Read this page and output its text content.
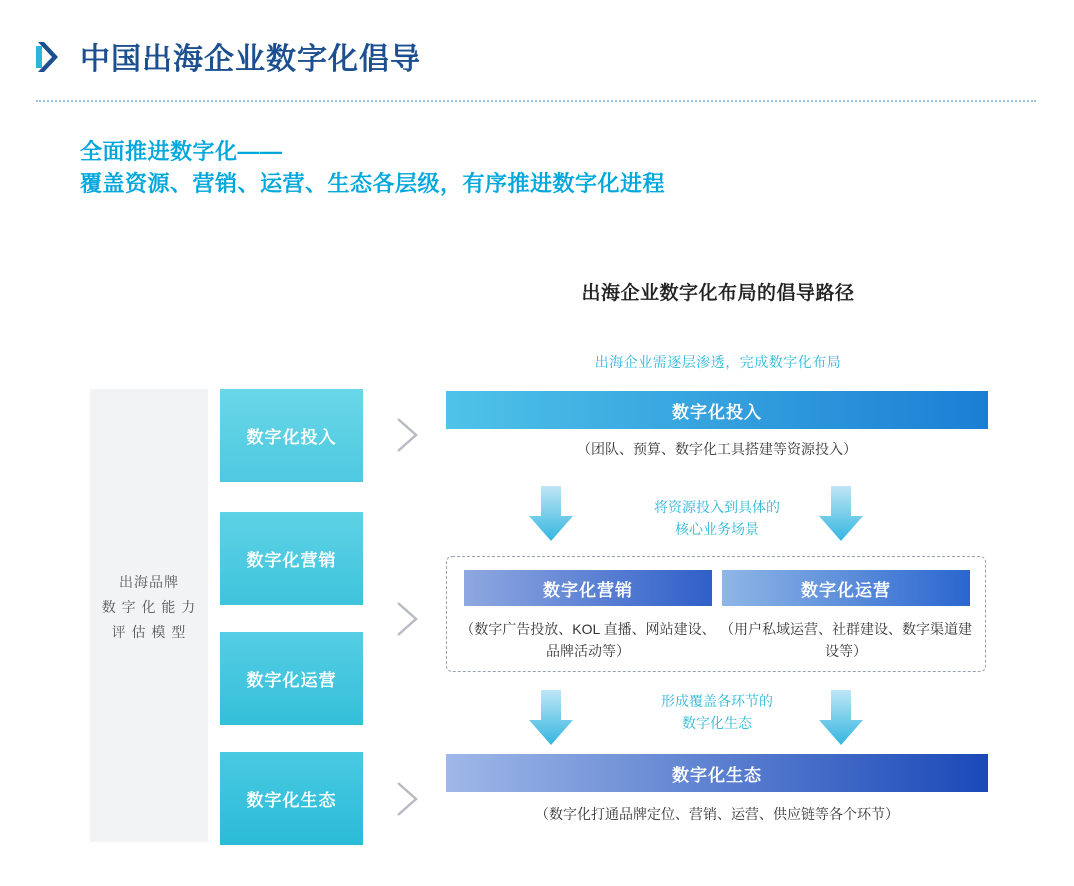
中国出海企业数字化倡导
全面推进数字化——
覆盖资源、营销、运营、生态各层级，有序推进数字化进程
出海企业数字化布局的倡导路径
出海企业需逐层渗透，完成数字化布局
出海品牌
数 字 化 能 力
评 估 模 型
数字化投入
数字化营销
数字化运营
数字化生态
数字化投入
（团队、预算、数字化工具搭建等资源投入）
将资源投入到具体的
核心业务场景
数字化营销	数字化运营
（数字广告投放、KOL 直播、网站建设、品牌活动等）
（用户私域运营、社群建设、数字渠道建设等）
形成覆盖各环节的
数字化生态
数字化生态
（数字化打通品牌定位、营销、运营、供应链等各个环节）
